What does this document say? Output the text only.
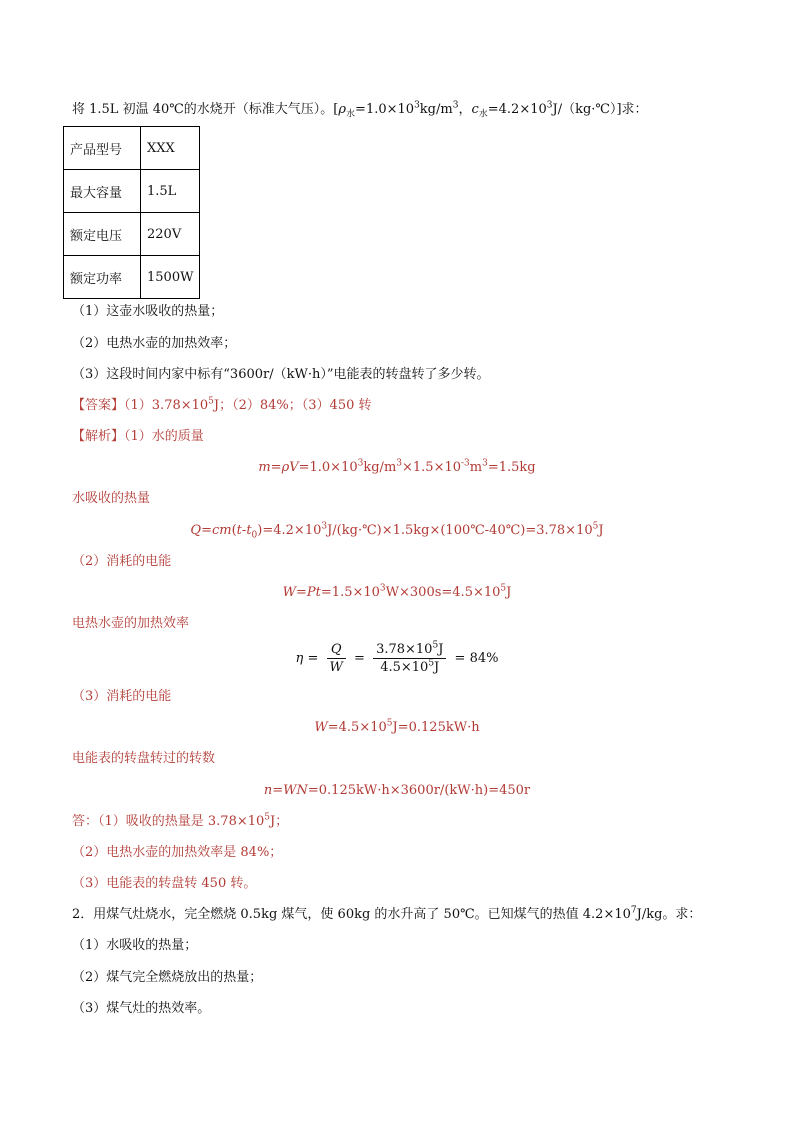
将 1.5L 初温 40℃的水烧开（标准大气压）。[$\rho_水=1.0\times 10^3kg/m^3$，$c_水=4.2\times 10^3J/(kg\cdot℃)$]求：
产品型号	XXX
最大容量	1.5L
额定电压	220V
额定功率	1500W
（1）这壶水吸收的热量；
（2）电热水壶的加热效率；
（3）这段时间内家中标有“3600r/（kW·h）”电能表的转盘转了多少转。
【答案】$(1)3.78\times 10^5J$；（2）84%；（3）450 转
【解析】（1）水的质量
$m=\rho V=1.0\times 10^3kg/m^3\times 1.5\times 10^{-3}m^3=1.5kg$
水吸收的热量
$Q=cm(t-t_0)=4.2\times 10^3J/(kg\cdot℃)\times 1.5kg\times(100℃-40℃)=3.78\times 10^5J$
（2）消耗的电能
$W=Pt=1.5\times 10^3W\times 300s=4.5\times 10^5J$
电热水壶的加热效率
$\eta = \frac{Q}{W} = \frac{3.78\times 10^5J}{4.5\times 10^5J} = 84\%$
（3）消耗的电能
$W=4.5\times 10^5J=0.125kW\cdot h$
电能表的转盘转过的转数
n=WN=0.125kW·h×3600r/(kW·h)=450r
答：（1）吸收的热量是 $3.78\times 10^5J$；
（2）电热水壶的加热效率是 84%；
（3）电能表的转盘转 450 转。
2．用煤气灶烧水，完全燃烧 0.5kg 煤气，使 60kg 的水升高了 50℃。已知煤气的热值 $4.2\times 10^7J/kg$。求：
（1）水吸收的热量；
（2）煤气完全燃烧放出的热量；
（3）煤气灶的热效率。
